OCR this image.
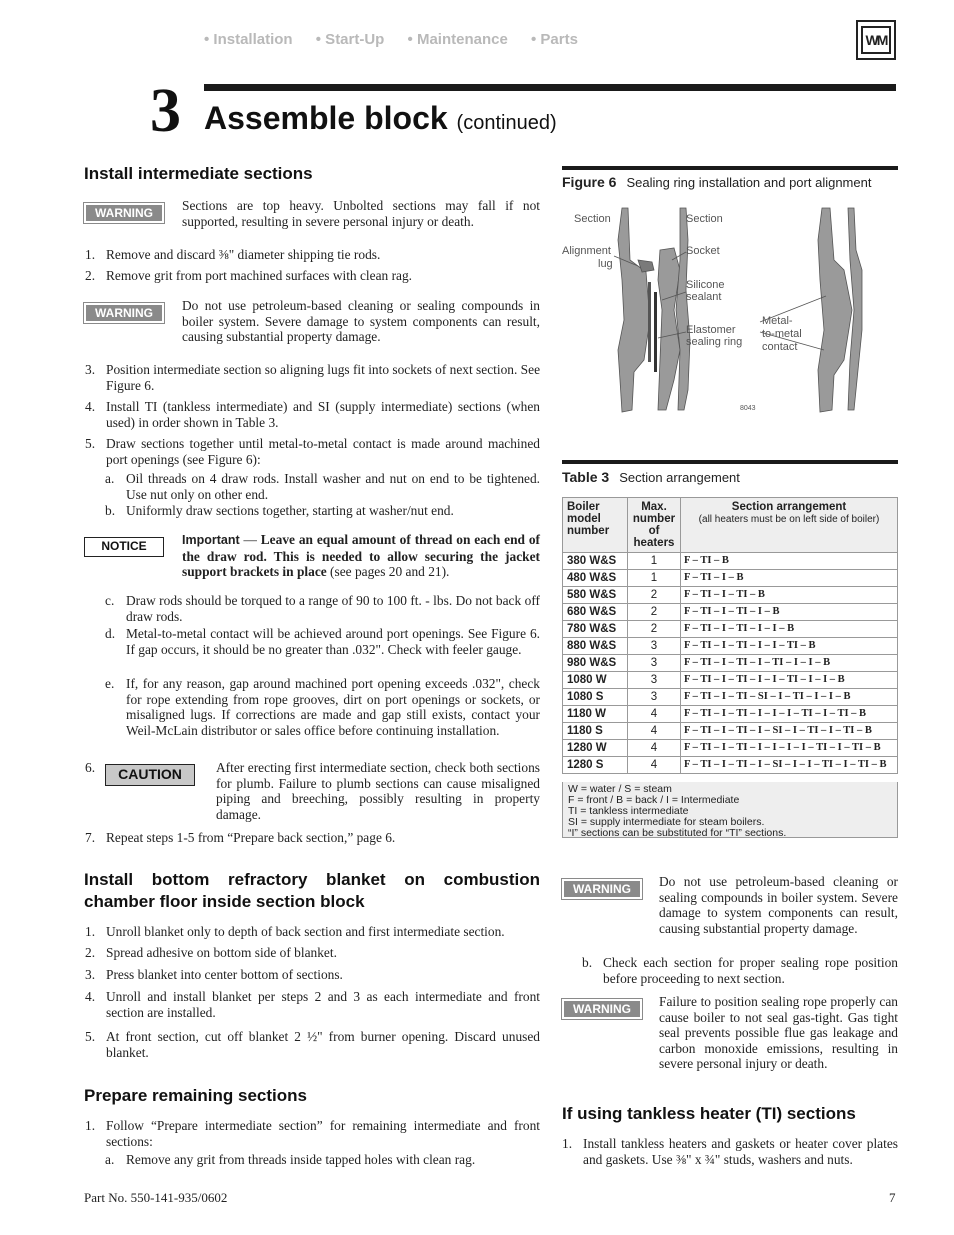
• Installation • Start-Up • Maintenance • Parts	WM
3 Assemble block (continued)
Install intermediate sections
WARNING	Sections are top heavy. Unbolted sections may fall if not supported, resulting in severe personal injury or death.
1. Remove and discard ⅜" diameter shipping tie rods.
2. Remove grit from port machined surfaces with clean rag.
WARNING	Do not use petroleum-based cleaning or sealing compounds in boiler system. Severe damage to system components can result, causing substantial property damage.
3. Position intermediate section so aligning lugs fit into sockets of next section. See Figure 6.
4. Install TI (tankless intermediate) and SI (supply intermediate) sections (when used) in order shown in Table 3.
5. Draw sections together until metal-to-metal contact is made around machined port openings (see Figure 6):
a. Oil threads on 4 draw rods. Install washer and nut on end to be tightened. Use nut only on other end.
b. Uniformly draw sections together, starting at washer/nut end.
NOTICE	Important — Leave an equal amount of thread on each end of the draw rod. This is needed to allow securing the jacket support brackets in place (see pages 20 and 21).
c. Draw rods should be torqued to a range of 90 to 100 ft. - lbs. Do not back off draw rods.
d. Metal-to-metal contact will be achieved around port openings. See Figure 6. If gap occurs, it should be no greater than .032". Check with feeler gauge.
e. If, for any reason, gap around machined port opening exceeds .032", check for rope extending from rope grooves, dirt on port openings or sockets, or misaligned lugs. If corrections are made and gap still exists, contact your Weil-McLain distributor or sales office before continuing installation.
6.	CAUTION	After erecting first intermediate section, check both sections for plumb. Failure to plumb sections can cause misaligned piping and breeching, possibly resulting in property damage.
7. Repeat steps 1-5 from “Prepare back section,” page 6.
Install bottom refractory blanket on combustion chamber floor inside section block
1. Unroll blanket only to depth of back section and first intermediate section.
2. Spread adhesive on bottom side of blanket.
3. Press blanket into center bottom of sections.
4. Unroll and install blanket per steps 2 and 3 as each intermediate and front section are installed.
5. At front section, cut off blanket 2 ½" from burner opening. Discard unused blanket.
Prepare remaining sections
1. Follow “Prepare intermediate section” for remaining intermediate and front sections:
a. Remove any grit from threads inside tapped holes with clean rag.
Figure 6 Sealing ring installation and port alignment
Section
Alignment
lug
Section
Socket
Silicone
sealant
Elastomer
sealing ring
Metal-
to-metal
contact
8043
Table 3 Section arrangement
Boiler model number	Max. number of heaters	Section arrangement
(all heaters must be on left side of boiler)
380 W&S	1	F – TI – B
480 W&S	1	F – TI – I – B
580 W&S	2	F – TI – I – TI – B
680 W&S	2	F – TI – I – TI – I – B
780 W&S	2	F – TI – I – TI – I – I – B
880 W&S	3	F – TI – I – TI – I – I – TI – B
980 W&S	3	F – TI – I – TI – I – TI – I – I – B
1080 W	3	F – TI – I – TI – I – I – TI – I – I – B
1080 S	3	F – TI – I – TI – SI – I – TI – I – I – B
1180 W	4	F – TI – I – TI – I – I – I – TI – I – TI – B
1180 S	4	F – TI – I – TI – I – SI – I – TI – I – TI – B
1280 W	4	F – TI – I – TI – I – I – I – I – TI – I – TI – B
1280 S	4	F – TI – I – TI – I – SI – I – I – TI – I – TI – B
W = water / S = steam
F = front / B = back / I = Intermediate
TI = tankless intermediate
SI = supply intermediate for steam boilers.
“I” sections can be substituted for “TI” sections.
WARNING	Do not use petroleum-based cleaning or sealing compounds in boiler system. Severe damage to system components can result, causing substantial property damage.
b. Check each section for proper sealing rope position before proceeding to next section.
WARNING	Failure to position sealing rope properly can cause boiler to not seal gas-tight. Gas tight seal prevents possible flue gas leakage and carbon monoxide emissions, resulting in severe personal injury or death.
If using tankless heater (TI) sections
1. Install tankless heaters and gaskets or heater cover plates and gaskets. Use ⅜" x ¾" studs, washers and nuts.
Part No. 550-141-935/0602	7
